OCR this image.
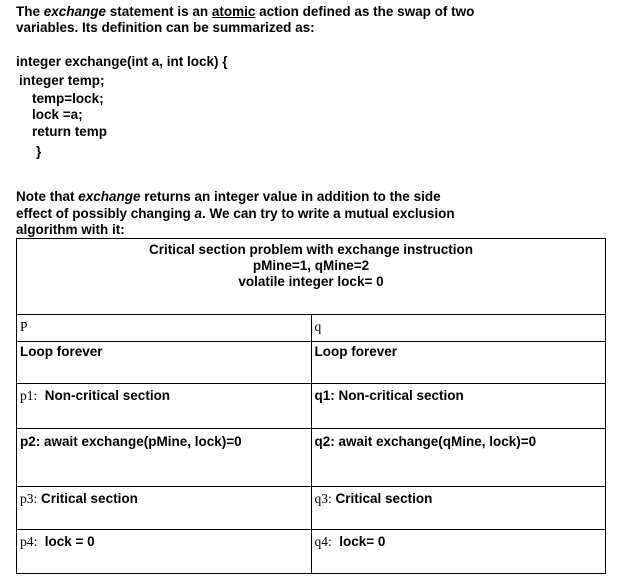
The exchange statement is an atomic action defined as the swap of two
variables. Its definition can be summarized as:
integer exchange(int a, int lock) {
integer temp;
temp=lock;
lock =a;
return temp
}
Note that exchange returns an integer value in addition to the side
effect of possibly changing a. We can try to write a mutual exclusion
algorithm with it:
Critical section problem with exchange instruction
pMine=1, qMine=2
volatile integer lock= 0	

P	q
Loop forever	Loop forever
p1: Non-critical section	q1: Non-critical section
p2: await exchange(pMine, lock)=0	q2: await exchange(qMine, lock)=0
p3: Critical section	q3: Critical section
p4: lock = 0	q4: lock= 0
